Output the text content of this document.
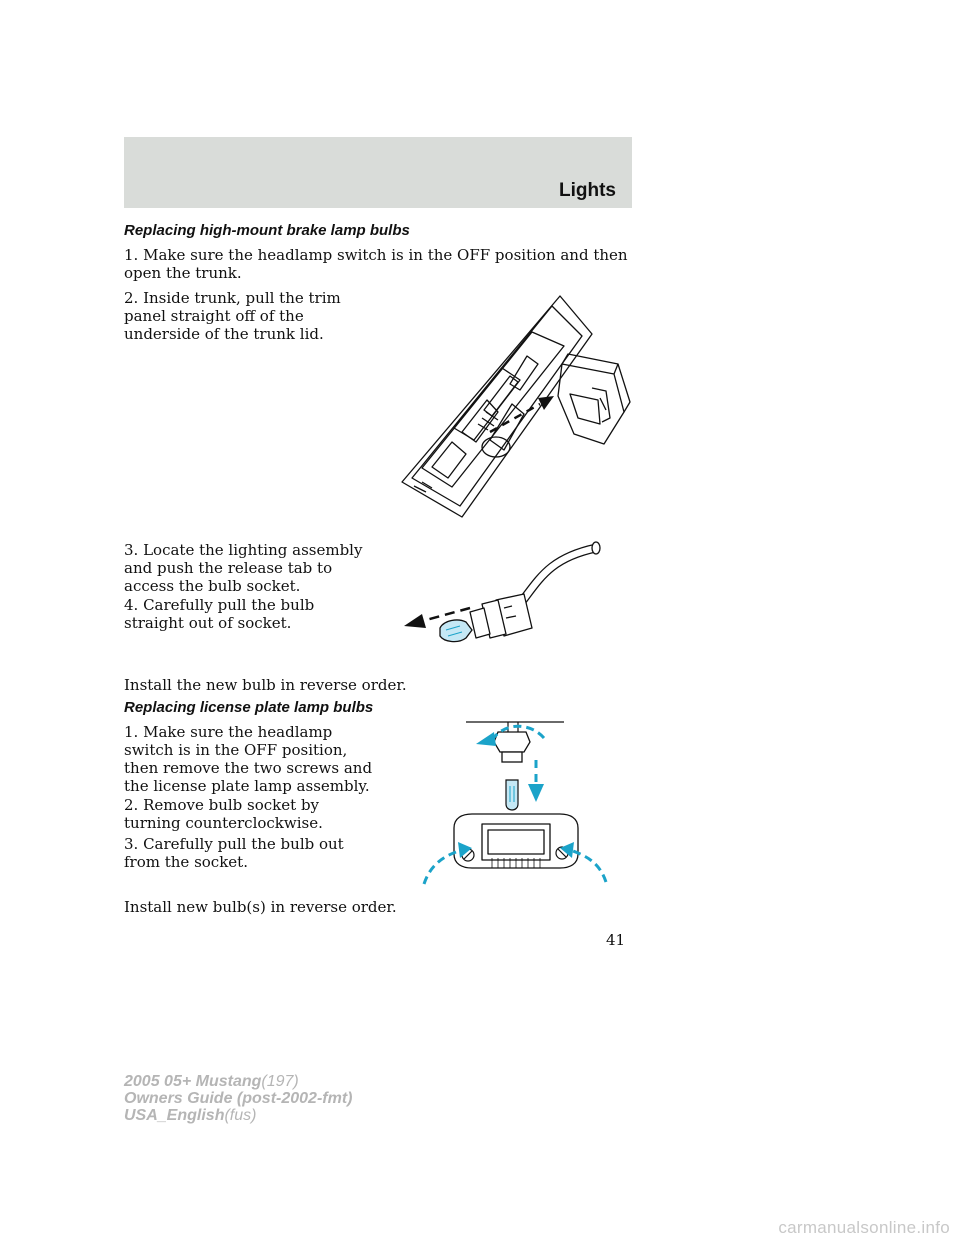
Lights
Replacing high-mount brake lamp bulbs
1. Make sure the headlamp switch is in the OFF position and then open the trunk.
2. Inside trunk, pull the trim panel straight off of the underside of the trunk lid.
3. Locate the lighting assembly and push the release tab to access the bulb socket.
4. Carefully pull the bulb straight out of socket.
Install the new bulb in reverse order.
Replacing license plate lamp bulbs
1. Make sure the headlamp switch is in the OFF position, then remove the two screws and the license plate lamp assembly.
2. Remove bulb socket by turning counterclockwise.
3. Carefully pull the bulb out from the socket.
Install new bulb(s) in reverse order.
41
2005 05+ Mustang(197)
Owners Guide (post-2002-fmt)
USA_English(fus)
carmanualsonline.info
